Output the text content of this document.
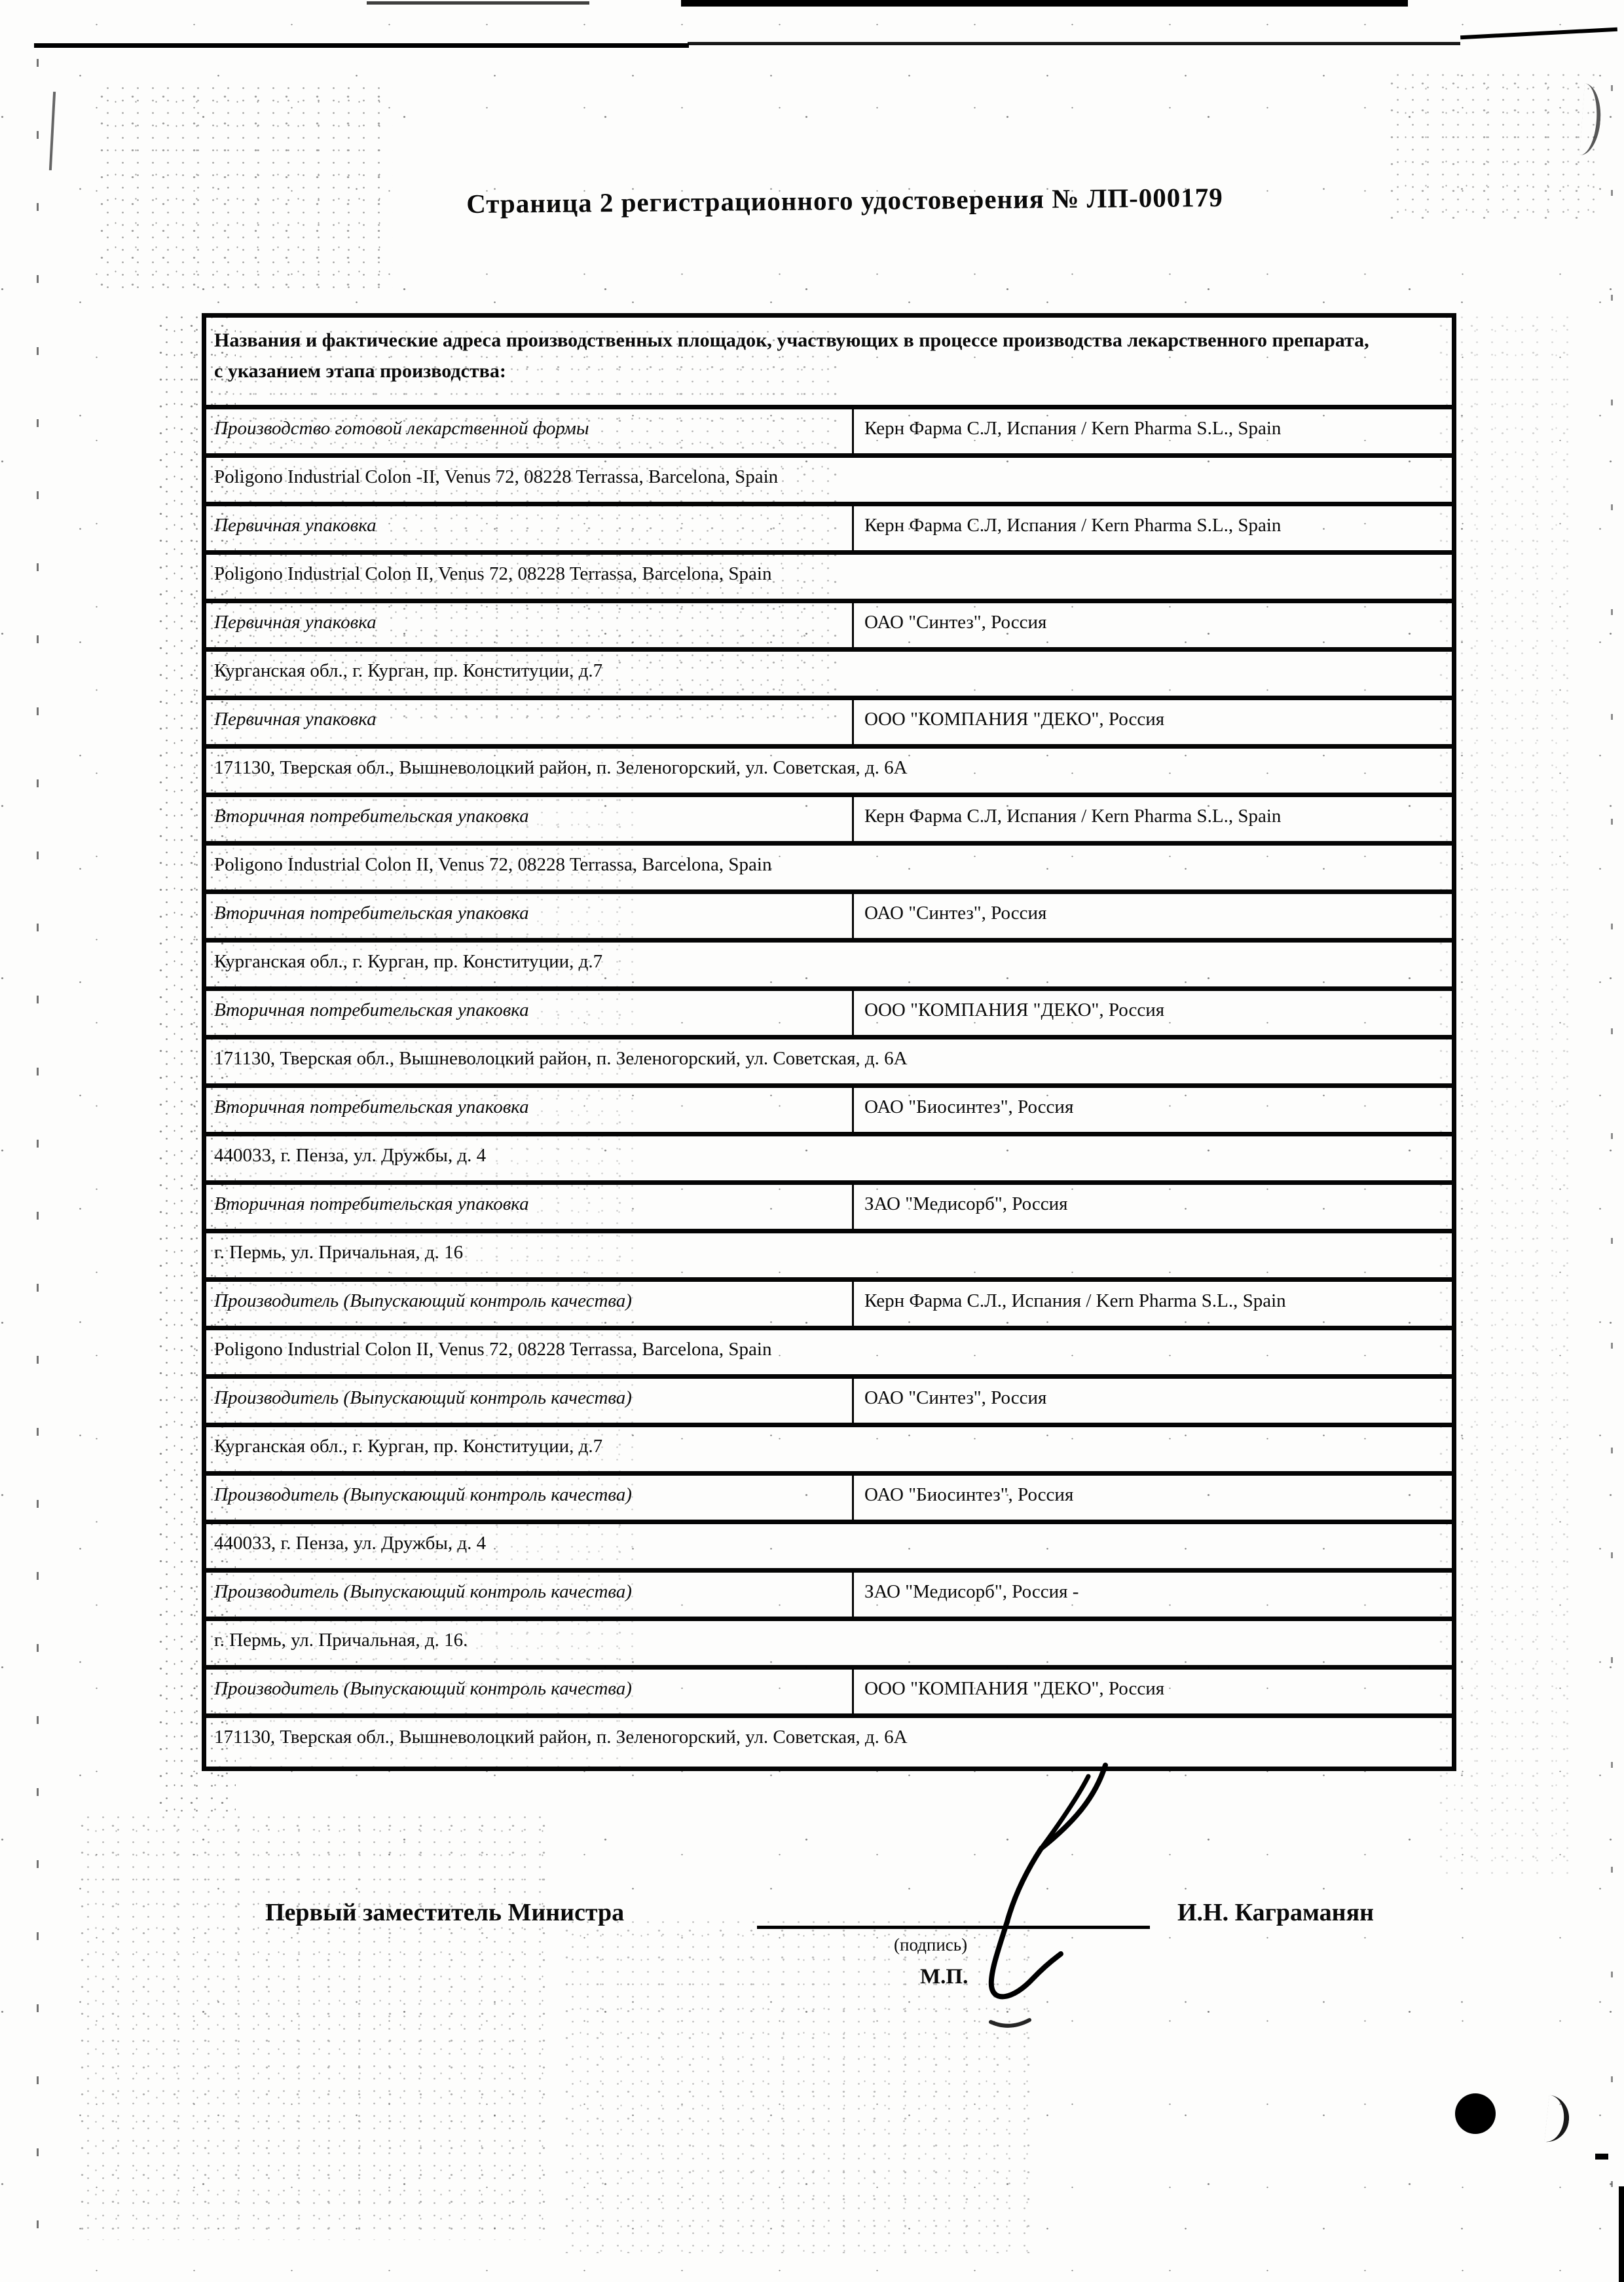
Страница 2 регистрационного удостоверения № ЛП-000179
Названия и фактические адреса производственных площадок, участвующих в процессе производства лекарственного препарата,
с указанием этапа производства:
Производство готовой лекарственной формы	Керн Фарма С.Л, Испания / Kern Pharma S.L., Spain
Poligono Industrial Colon -II, Venus 72, 08228 Terrassa, Barcelona, Spain
Первичная упаковка	Керн Фарма С.Л, Испания / Kern Pharma S.L., Spain
Poligono Industrial Colon II, Venus 72, 08228 Terrassa, Barcelona, Spain
Первичная упаковка	ОАО "Синтез", Россия
Курганская обл., г. Курган, пр. Конституции, д.7
Первичная упаковка	ООО "КОМПАНИЯ "ДЕКО", Россия
171130, Тверская обл., Вышневолоцкий район, п. Зеленогорский, ул. Советская, д. 6А
Вторичная потребительская упаковка	Керн Фарма С.Л, Испания / Kern Pharma S.L., Spain
Poligono Industrial Colon II, Venus 72, 08228 Terrassa, Barcelona, Spain
Вторичная потребительская упаковка	ОАО "Синтез", Россия
Курганская обл., г. Курган, пр. Конституции, д.7
Вторичная потребительская упаковка	ООО "КОМПАНИЯ "ДЕКО", Россия
171130, Тверская обл., Вышневолоцкий район, п. Зеленогорский, ул. Советская, д. 6А
Вторичная потребительская упаковка	ОАО "Биосинтез", Россия
440033, г. Пенза, ул. Дружбы, д. 4
Вторичная потребительская упаковка	ЗАО "Медисорб", Россия
г. Пермь, ул. Причальная, д. 16
Производитель (Выпускающий контроль качества)	Керн Фарма С.Л., Испания / Kern Pharma S.L., Spain
Poligono Industrial Colon II, Venus 72, 08228 Terrassa, Barcelona, Spain
Производитель (Выпускающий контроль качества)	ОАО "Синтез", Россия
Курганская обл., г. Курган, пр. Конституции, д.7
Производитель (Выпускающий контроль качества)	ОАО "Биосинтез", Россия
440033, г. Пенза, ул. Дружбы, д. 4
Производитель (Выпускающий контроль качества)	ЗАО "Медисорб", Россия -
г. Пермь, ул. Причальная, д. 16.
Производитель (Выпускающий контроль качества)	ООО "КОМПАНИЯ "ДЕКО", Россия
171130, Тверская обл., Вышневолоцкий район, п. Зеленогорский, ул. Советская, д. 6А
Первый заместитель Министра
(подпись)
М.П.
И.Н. Каграманян
